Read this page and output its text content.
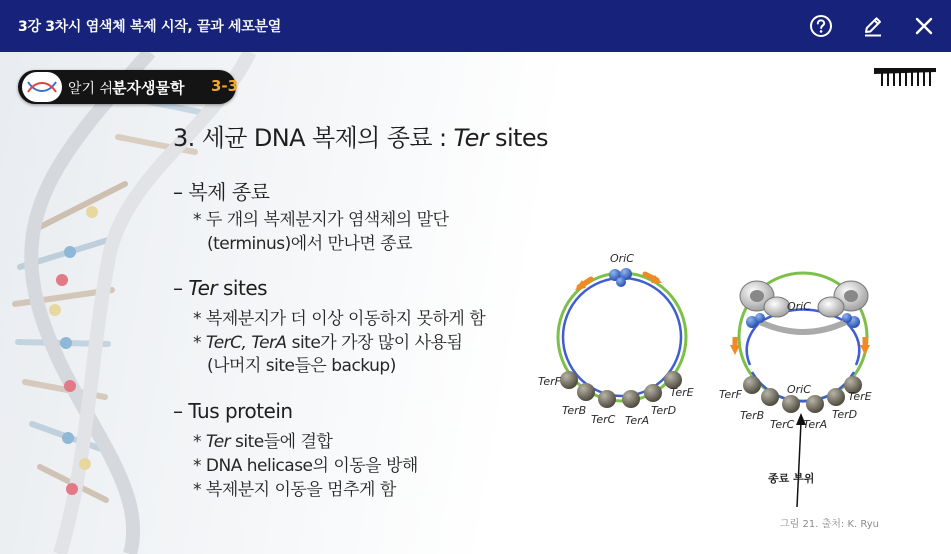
3강 3차시 염색체 복제 시작, 끝과 세포분열
알기 쉬운
분자생물학 3-3
3. 세균 DNA 복제의 종료 : Ter sites
– 복제 종료
* 두 개의 복제분지가 염색체의 말단
(terminus)에서 만나면 종료
– Ter sites
* 복제분지가 더 이상 이동하지 못하게 함
* TerC, TerA site가 가장 많이 사용됨
(나머지 site들은 backup)
– Tus protein
* Ter site들에 결합
* DNA helicase의 이동을 방해
* 복제분지 이동을 멈추게 함
OriC
TerF
TerB
TerC TerA
TerD
TerE
OriC
OriC
TerF
TerB
TerC TerA
TerD
TerE
종료 부위
그림 21. 출처: K. Ryu
